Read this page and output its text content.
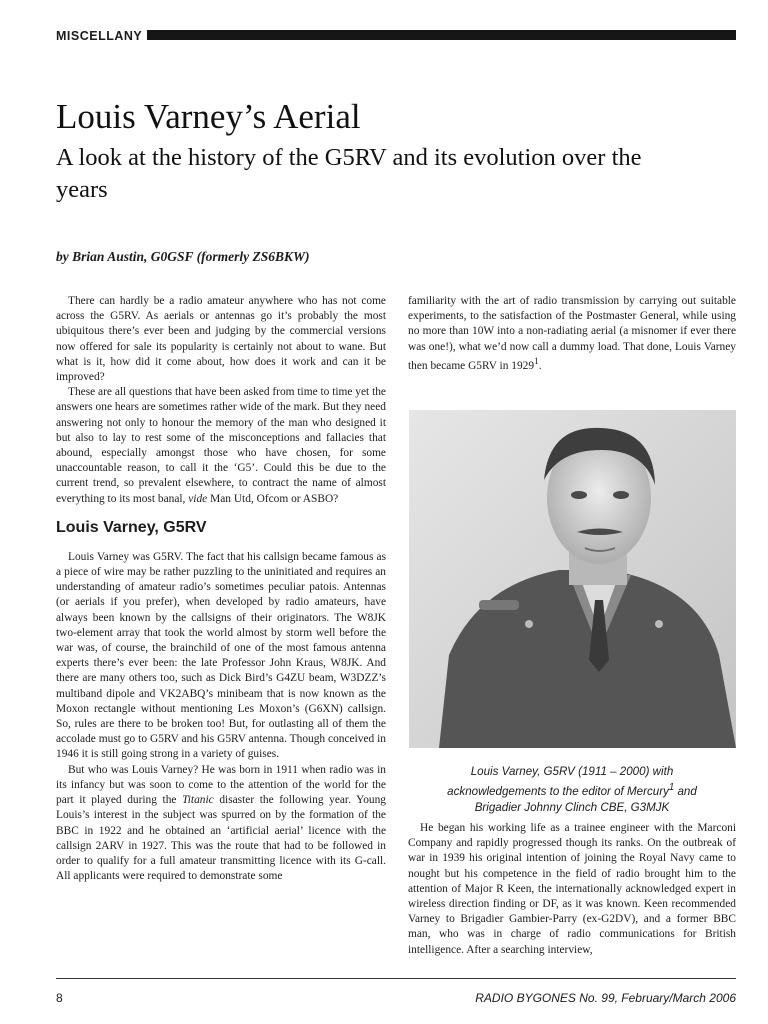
MISCELLANY
Louis Varney’s Aerial
A look at the history of the G5RV and its evolution over the years
by Brian Austin, G0GSF (formerly ZS6BKW)

There can hardly be a radio amateur anywhere who has not come across the G5RV. As aerials or antennas go it’s probably the most ubiquitous there’s ever been and judging by the commercial versions now offered for sale its popularity is certainly not about to wane. But what is it, how did it come about, how does it work and can it be improved?

These are all questions that have been asked from time to time yet the answers one hears are sometimes rather wide of the mark. But they need answering not only to honour the memory of the man who designed it but also to lay to rest some of the misconceptions and fallacies that abound, especially amongst those who have chosen, for some unaccountable reason, to call it the ‘G5’. Could this be due to the current trend, so prevalent elsewhere, to contract the name of almost everything to its most banal, vide Man Utd, Ofcom or ASBO?

Louis Varney, G5RV

Louis Varney was G5RV. The fact that his callsign became famous as a piece of wire may be rather puzzling to the uninitiated and requires an understanding of amateur radio’s sometimes peculiar patois. Antennas (or aerials if you prefer), when developed by radio amateurs, have always been known by the callsigns of their originators. The W8JK two-element array that took the world almost by storm well before the war was, of course, the brainchild of one of the most famous antenna experts there’s ever been: the late Professor John Kraus, W8JK. And there are many others too, such as Dick Bird’s G4ZU beam, W3DZZ’s multiband dipole and VK2ABQ’s minibeam that is now known as the Moxon rectangle without mentioning Les Moxon’s (G6XN) callsign. So, rules are there to be broken too! But, for outlasting all of them the accolade must go to G5RV and his G5RV antenna. Though conceived in 1946 it is still going strong in a variety of guises.

But who was Louis Varney? He was born in 1911 when radio was in its infancy but was soon to come to the attention of the world for the part it played during the Titanic disaster the following year. Young Louis’s interest in the subject was spurred on by the formation of the BBC in 1922 and he obtained an ‘artificial aerial’ licence with the callsign 2ARV in 1927. This was the route that had to be followed in order to qualify for a full amateur transmitting licence with its G-call. All applicants were required to demonstrate some

familiarity with the art of radio transmission by carrying out suitable experiments, to the satisfaction of the Postmaster General, while using no more than 10W into a non-radiating aerial (a misnomer if ever there was one!), what we’d now call a dummy load. That done, Louis Varney then became G5RV in 1929$^1$.

Louis Varney, G5RV (1911 – 2000) with
acknowledgements to the editor of Mercury$^1$ and
Brigadier Johnny Clinch CBE, G3MJK

He began his working life as a trainee engineer with the Marconi Company and rapidly progressed though its ranks. On the outbreak of war in 1939 his original intention of joining the Royal Navy came to nought but his competence in the field of radio brought him to the attention of Major R Keen, the internationally acknowledged expert in wireless direction finding or DF, as it was known. Keen recommended Varney to Brigadier Gambier-Parry (ex-G2DV), and a former BBC man, who was in charge of radio communications for British intelligence. After a searching interview,

8	RADIO BYGONES No. 99, February/March 2006
